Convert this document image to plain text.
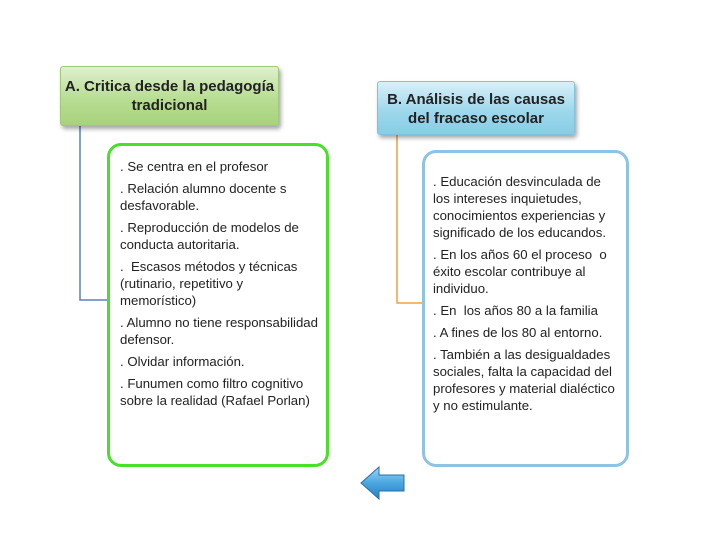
A. Critica desde la pedagogía tradicional	B. Análisis de las causas del fracaso escolar
. Se centra en el profesor
. Relación alumno docente s desfavorable.
. Reproducción de modelos de conducta autoritaria.
.  Escasos métodos y técnicas (rutinario, repetitivo y memorístico)
. Alumno no tiene responsabilidad defensor.
. Olvidar información.
. Funumen como filtro cognitivo sobre la realidad (Rafael Porlan)
. Educación desvinculada de los intereses inquietudes, conocimientos experiencias y significado de los educandos.
. En los años 60 el proceso  o éxito escolar contribuye al individuo.
. En  los años 80 a la familia
. A fines de los 80 al entorno.
. También a las desigualdades sociales, falta la capacidad del profesores y material dialéctico y no estimulante.
